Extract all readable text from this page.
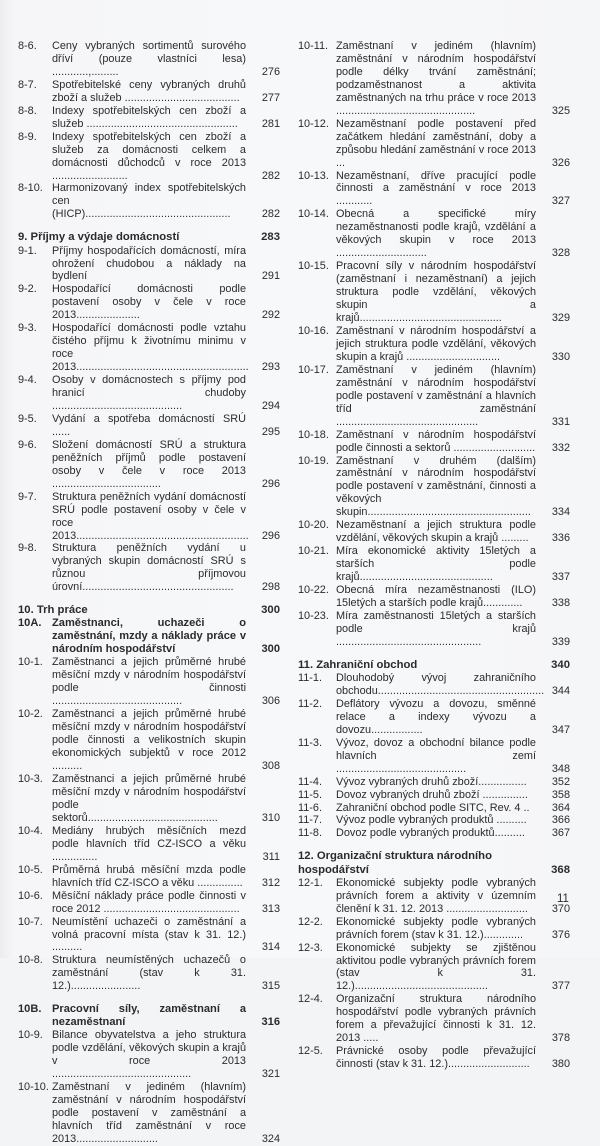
8-6. Ceny vybraných sortimentů surového dříví (pouze vlastníci lesa) ............,.........	276
8-7. Spotřebitelské ceny vybraných druhů zboží a služeb ......................................	277
8-8. Indexy spotřebitelských cen zboží a služeb ..................................................	281
8-9. Indexy spotřebitelských cen zboží a služeb za domácnosti celkem a domácnosti důchodců v roce 2013 .........................	282
8-10. Harmonizovaný index spotřebitelských cen (HICP)................................................	282
9. Příjmy a výdaje domácností	283
9-1. Příjmy hospodařících domácností, míra ohrožení chudobou a náklady na bydlení	291
9-2. Hospodařící domácnosti podle postavení osoby v čele v roce 2013.....................	292
9-3. Hospodařící domácnosti podle vztahu čistého příjmu k životnímu minimu v roce 2013......................................................... 293
9-4. Osoby v domácnostech s příjmy pod hranicí chudoby ...........................................	294
9-5. Vydání a spotřeba domácností SRÚ ......	295
9-6. Složení domácností SRÚ a struktura peněžních příjmů podle postavení osoby v čele v roce 2013 ....................................	296
9-7. Struktura peněžních vydání domácností SRÚ podle postavení osoby v čele v roce 2013......................................................... 296
9-8. Struktura peněžních vydání u vybraných skupin domácností SRÚ s různou příjmovou úrovní..................................................	298
10. Trh práce	300
10A. Zaměstnanci, uchazeči o zaměstnání, mzdy a náklady práce v národním hospodářství	300
10-1. Zaměstnanci a jejich průměrné hrubé měsíční mzdy v národním hospodářství podle činnosti ...........................................	306
10-2. Zaměstnanci a jejich průměrné hrubé měsíční mzdy v národním hospodářství podle činnosti a velikostních skupin ekonomických subjektů v roce 2012 ..........	308
10-3. Zaměstnanci a jejich průměrné hrubé měsíční mzdy v národním hospodářství podle sektorů...........................................	310
10-4. Mediány hrubých měsíčních mezd podle hlavních tříd CZ-ISCO a věku ...............	311
10-5. Průměrná hrubá měsíční mzda podle hlavních tříd CZ-ISCO a věku ...............	312
10-6. Měsíční náklady práce podle činnosti v roce 2012 .............................................	313
10-7. Neumístění uchazeči o zaměstnání a volná pracovní místa (stav k 31. 12.) ..........	314
10-8. Struktura neumístěných uchazečů o zaměstnání (stav k 31. 12.).......................	315
10B. Pracovní síly, zaměstnaní a nezaměstnaní	316
10-9. Bilance obyvatelstva a jeho struktura podle vzdělání, věkových skupin a krajů v roce 2013 ..............................................	321
10-10. Zaměstnaní v jediném (hlavním) zaměstnání v národním hospodářství podle postavení v zaměstnání a hlavních tříd zaměstnání v roce 2013...........................	324
10-11. Zaměstnaní v jediném (hlavním) zaměstnání v národním hospodářství podle délky trvání zaměstnání; podzaměstnanost a aktivita zaměstnaných na trhu práce v roce 2013 ..............................................	325
10-12. Nezaměstnaní podle postavení před začátkem hledání zaměstnání, doby a způsobu hledání zaměstnání v roce 2013 ...	326
10-13. Nezaměstnaní, dříve pracující podle činnosti a zaměstnání v roce 2013 ............	327
10-14. Obecná a specifické míry nezaměstnanosti podle krajů, vzdělání a věkových skupin v roce 2013 ..............................	328
10-15. Pracovní síly v národním hospodářství (zaměstnaní i nezaměstnaní) a jejich struktura podle vzdělání, věkových skupin a krajů...............................................	329
10-16. Zaměstnaní v národním hospodářství a jejich struktura podle vzdělání, věkových skupin a krajů ...............................	330
10-17. Zaměstnaní v jediném (hlavním) zaměstnání v národním hospodářství podle postavení v zaměstnání a hlavních tříd zaměstnání ...............................................	331
10-18. Zaměstnaní v národním hospodářství podle činnosti a sektorů ........................... 332
10-19. Zaměstnaní v druhém (dalším) zaměstnání v národním hospodářství podle postavení v zaměstnání, činnosti a věkových skupin......................................................	334
10-20. Nezaměstnaní a jejich struktura podle vzdělání, věkových skupin a krajů .........	336
10-21. Míra ekonomické aktivity 15letých a starších podle krajů............................................	337
10-22. Obecná míra nezaměstnanosti (ILO) 15letých a starších podle krajů.............	338
10-23. Míra zaměstnanosti 15letých a starších podle krajů ................................................	339
11. Zahraniční obchod	340
11-1. Dlouhodobý vývoj zahraničního obchodu....................................................... 344
11-2. Deflátory vývozu a dovozu, směnné relace a indexy vývozu a dovozu.................	347
11-3. Vývoz, dovoz a obchodní bilance podle hlavních zemí ...........................................	348
11-4. Vývoz vybraných druhů zboží................	352
11-5. Dovoz vybraných druhů zboží ...............	358
11-6. Zahraniční obchod podle SITC, Rev. 4 ..	364
11-7. Vývoz podle vybraných produktů ..........	366
11-8. Dovoz podle vybraných produktů..........	367
12. Organizační struktura národního hospodářství	368
12-1. Ekonomické subjekty podle vybraných právních forem a aktivity v územním členění k 31. 12. 2013 ...........................	370
12-2. Ekonomické subjekty podle vybraných právních forem (stav k 31. 12.).............	376
12-3. Ekonomické subjekty se zjištěnou aktivitou podle vybraných právních forem (stav k 31. 12.)............................................	377
12-4. Organizační struktura národního hospodářství podle vybraných právních forem a převažující činnosti k 31. 12. 2013 .....	378
12-5. Právnické osoby podle převažující činnosti (stav k 31. 12.)...........................	380
11
